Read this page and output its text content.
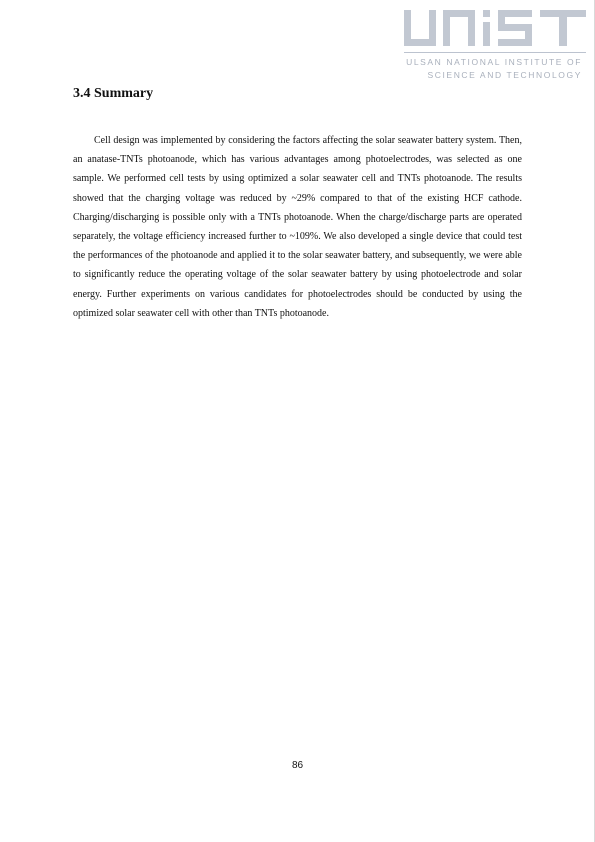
ULSAN NATIONAL INSTITUTE OF
SCIENCE AND TECHNOLOGY
3.4 Summary

Cell design was implemented by considering the factors affecting the solar seawater battery system. Then, an anatase-TNTs photoanode, which has various advantages among photoelectrodes, was selected as one sample. We performed cell tests by using optimized a solar seawater cell and TNTs photoanode. The results showed that the charging voltage was reduced by ~29% compared to that of the existing HCF cathode. Charging/discharging is possible only with a TNTs photoanode. When the charge/discharge parts are operated separately, the voltage efficiency increased further to ~109%. We also developed a single device that could test the performances of the photoanode and applied it to the solar seawater battery, and subsequently, we were able to significantly reduce the operating voltage of the solar seawater battery by using photoelectrode and solar energy. Further experiments on various candidates for photoelectrodes should be conducted by using the optimized solar seawater cell with other than TNTs photoanode.

86
